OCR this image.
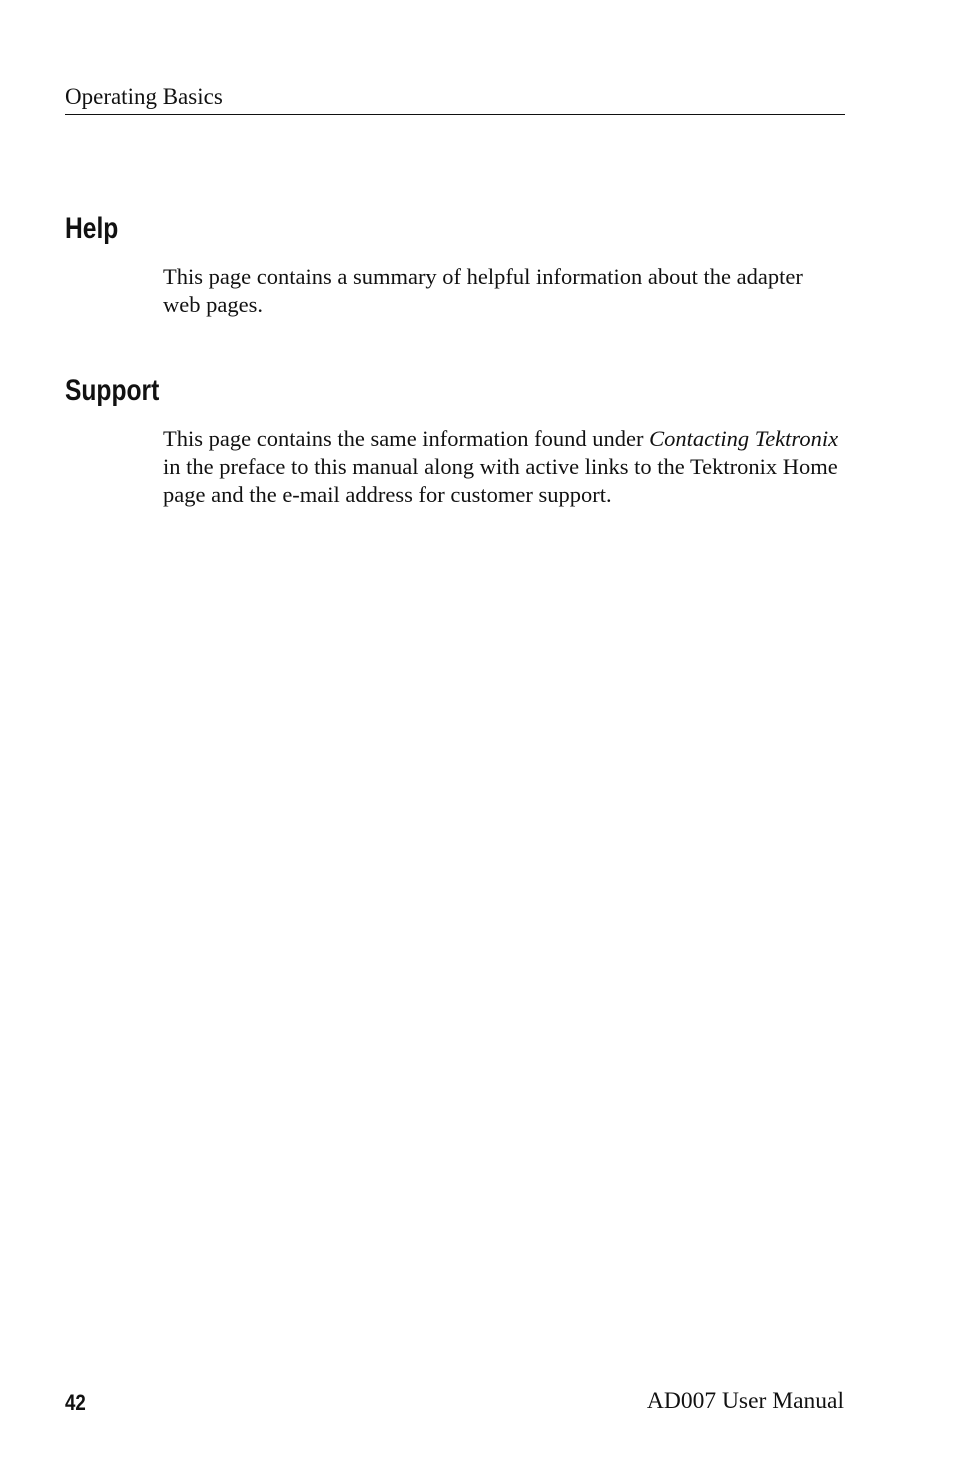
Operating Basics
Help

This page contains a summary of helpful information about the adapter web pages.

Support

This page contains the same information found under Contacting Tektronix in the preface to this manual along with active links to the Tektronix Home page and the e-mail address for customer support.

42	AD007 User Manual
